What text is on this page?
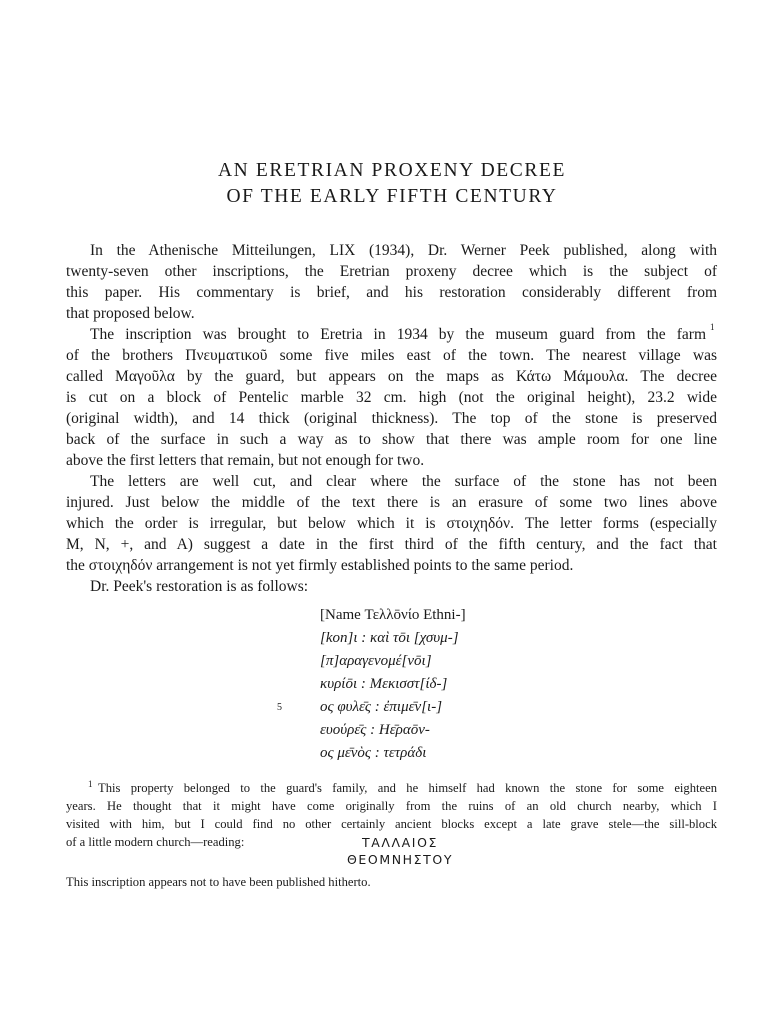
AN ERETRIAN PROXENY DECREE
OF THE EARLY FIFTH CENTURY
In the Athenische Mitteilungen, LIX (1934), Dr. Werner Peek published, along with
twenty-seven other inscriptions, the Eretrian proxeny decree which is the subject of
this paper. His commentary is brief, and his restoration considerably different from
that proposed below.
The inscription was brought to Eretria in 1934 by the museum guard from the farm 1
of the brothers Πνευματικοῦ some five miles east of the town. The nearest village was
called Μαγοῦλα by the guard, but appears on the maps as Κάτω Μάμουλα. The decree
is cut on a block of Pentelic marble 32 cm. high (not the original height), 23.2 wide
(original width), and 14 thick (original thickness). The top of the stone is preserved
back of the surface in such a way as to show that there was ample room for one line
above the first letters that remain, but not enough for two.
The letters are well cut, and clear where the surface of the stone has not been
injured. Just below the middle of the text there is an erasure of some two lines above
which the order is irregular, but below which it is στοιχηδόν. The letter forms (especially
M, N, +, and A) suggest a date in the first third of the fifth century, and the fact that
the στοιχηδόν arrangement is not yet firmly established points to the same period.
Dr. Peek's restoration is as follows:
[Name Τελλōνίο Ethni-]
[kon]ι : καὶ τōι [χσυμ-]
[π]αραγενομέ[νōι]
κυρίōι : Μεκισστ[ίδ-]
5	ος φυλε̄ς : ἐπιμε̄ν[ι-]
ευούρε̄ς : Ηε̄ραōν-
ος με̄νὸς : τετράδι
1 This property belonged to the guard's family, and he himself had known the stone for some eighteen
years. He thought that it might have come originally from the ruins of an old church nearby, which I
visited with him, but I could find no other certainly ancient blocks except a late grave stele—the sill-block
of a little modern church—reading:	ΤΑΛΛΑΙΟΣ
ΘΕΟΜΝΗΣΤΟΥ
This inscription appears not to have been published hitherto.
